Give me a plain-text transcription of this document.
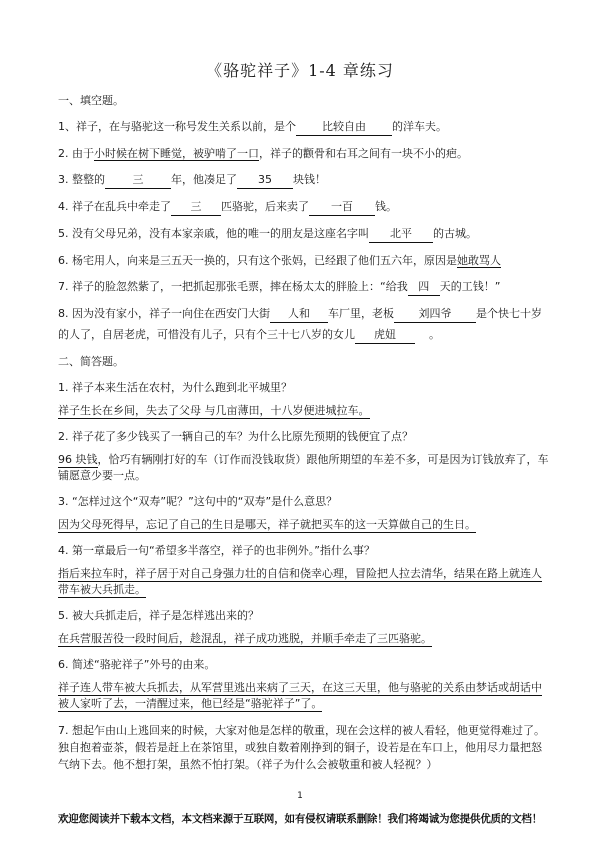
《骆驼祥子》1-4 章练习
一、填空题。
1、祥子，在与骆驼这一称号发生关系以前，是个 比较自由 的洋车夫。
2. 由于小时候在树下睡觉，被驴啃了一口，祥子的颧骨和右耳之间有一块不小的疤。
3. 整整的	三	年，他凑足了 35 块钱！
4. 祥子在乱兵中牵走了 三 匹骆驼，后来卖了 一百 钱。
5. 没有父母兄弟，没有本家亲戚，他的唯一的朋友是这座名字叫 北平 的古城。
6. 杨宅用人，向来是三五天一换的，只有这个张妈，已经跟了他们五六年，原因是她敢骂人
7. 祥子的脸忽然紫了，一把抓起那张毛票，摔在杨太太的胖脸上：“给我 四 天的工钱！”
8. 因为没有家小，祥子一向住在西安门大街 人和 车厂里，老板 刘四爷 是个快七十岁
的人了，自居老虎，可惜没有儿子，只有个三十七八岁的女儿 虎妞	。
二、简答题。
1. 祥子本来生活在农村，为什么跑到北平城里？
祥子生长在乡间，失去了父母 与几亩薄田，十八岁便进城拉车。
2. 祥子花了多少钱买了一辆自己的车？为什么比原先预期的钱便宜了点？
96 块钱，恰巧有辆刚打好的车（订作而没钱取货）跟他所期望的车差不多，可是因为订钱放弃了，车铺愿意少要一点。
3. “怎样过这个“双寿”呢？”这句中的“双寿”是什么意思？
因为父母死得早，忘记了自己的生日是哪天，祥子就把买车的这一天算做自己的生日。
4. 第一章最后一句“希望多半落空，祥子的也非例外。”指什么事？
指后来拉车时，祥子居于对自己身强力壮的自信和侥幸心理，冒险把人拉去清华，结果在路上就连人带车被大兵抓走。
5. 被大兵抓走后，祥子是怎样逃出来的？
在兵营服苦役一段时间后，趁混乱，祥子成功逃脱，并顺手牵走了三匹骆驼。
6. 简述“骆驼祥子”外号的由来。
祥子连人带车被大兵抓去，从军营里逃出来病了三天，在这三天里，他与骆驼的关系由梦话或胡话中被人家听了去，一清醒过来，他已经是“骆驼祥子”了。
7. 想起乍由山上逃回来的时候，大家对他是怎样的敬重，现在会这样的被人看轻，他更觉得难过了。独自抱着壶茶，假若是赶上在茶馆里，或独自数着刚挣到的铜子，设若是在车口上，他用尽力量把怒气纳下去。他不想打架，虽然不怕打架。（祥子为什么会被敬重和被人轻视？）
1
欢迎您阅读并下载本文档，本文档来源于互联网，如有侵权请联系删除！我们将竭诚为您提供优质的文档！
